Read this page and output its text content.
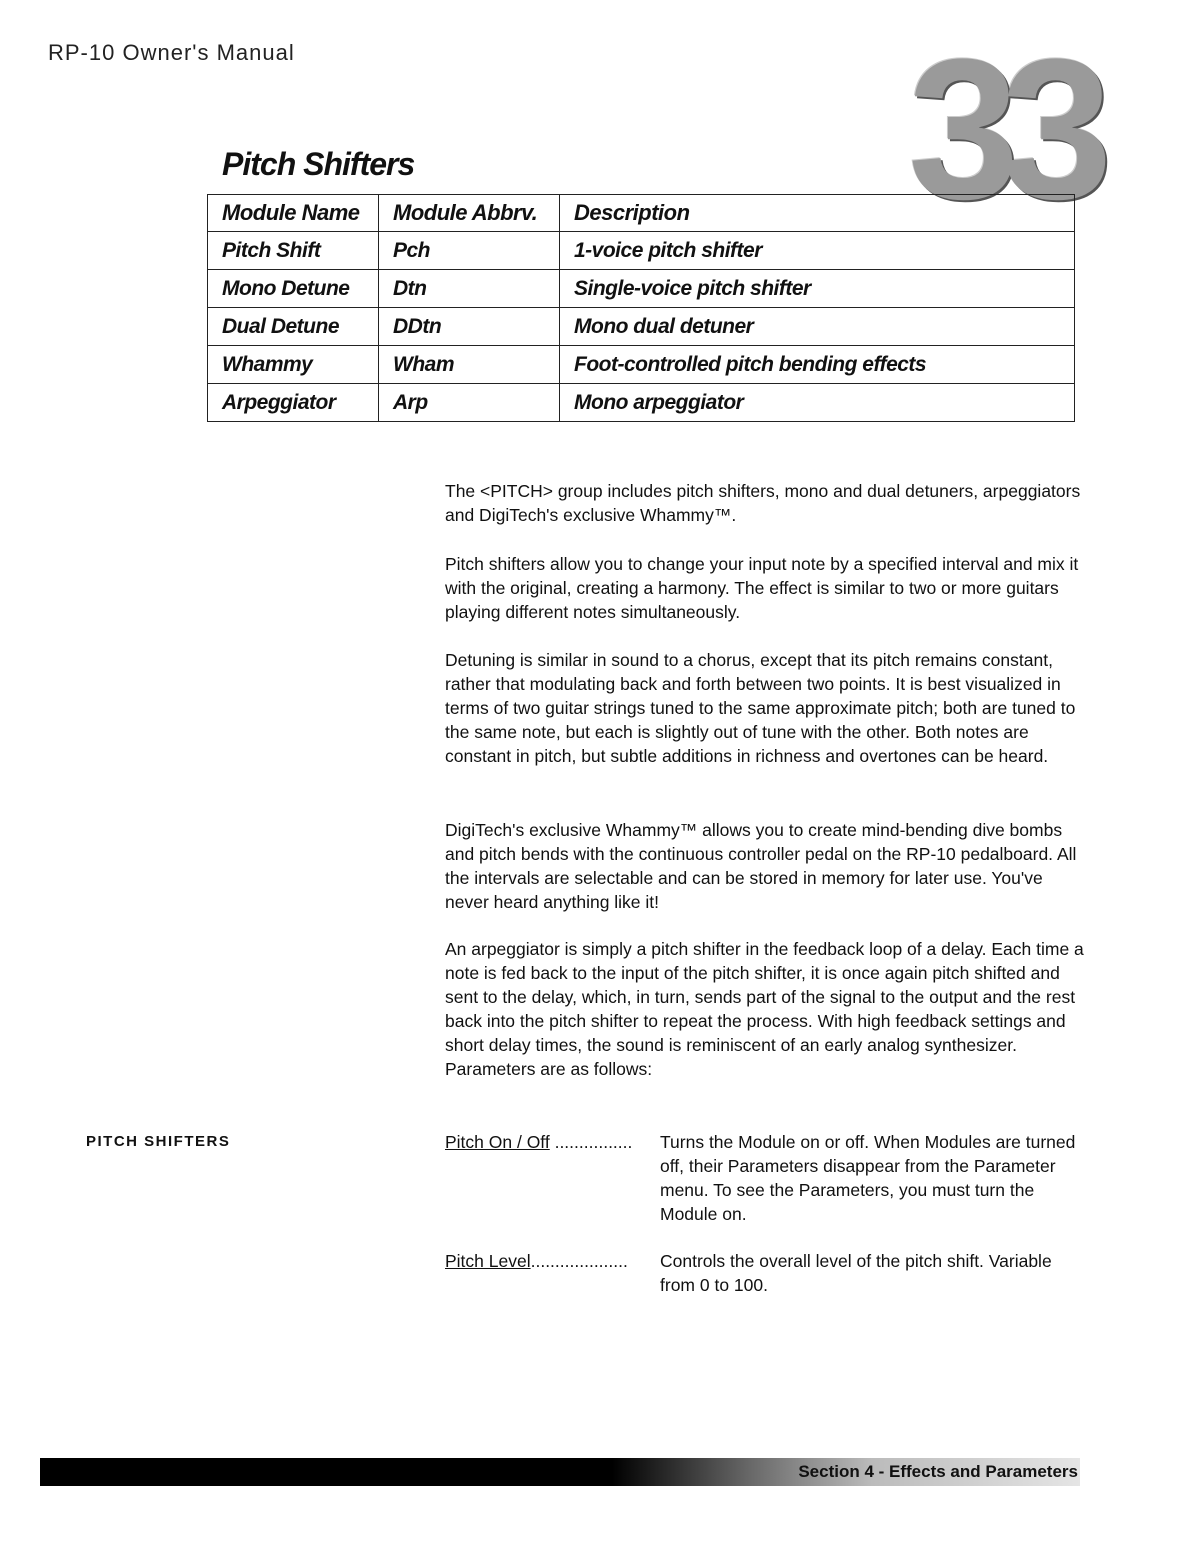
RP-10 Owner's Manual	33
Pitch Shifters
Module Name	Module Abbrv.	Description
Pitch Shift	Pch	1-voice pitch shifter
Mono Detune	Dtn	Single-voice pitch shifter
Dual Detune	DDtn	Mono dual detuner
Whammy	Wham	Foot-controlled pitch bending effects
Arpeggiator	Arp	Mono arpeggiator

The <PITCH> group includes pitch shifters, mono and dual detuners, arpeggiators and DigiTech's exclusive Whammy™.

Pitch shifters allow you to change your input note by a specified interval and mix it with the original, creating a harmony. The effect is similar to two or more guitars playing different notes simultaneously.

Detuning is similar in sound to a chorus, except that its pitch remains constant, rather that modulating back and forth between two points. It is best visualized in terms of two guitar strings tuned to the same approximate pitch; both are tuned to the same note, but each is slightly out of tune with the other. Both notes are constant in pitch, but subtle additions in richness and overtones can be heard.

DigiTech's exclusive Whammy™ allows you to create mind-bending dive bombs and pitch bends with the continuous controller pedal on the RP-10 pedalboard. All the intervals are selectable and can be stored in memory for later use. You've never heard anything like it!

An arpeggiator is simply a pitch shifter in the feedback loop of a delay. Each time a note is fed back to the input of the pitch shifter, it is once again pitch shifted and sent to the delay, which, in turn, sends part of the signal to the output and the rest back into the pitch shifter to repeat the process. With high feedback settings and short delay times, the sound is reminiscent of an early analog synthesizer. Parameters are as follows:

PITCH SHIFTERS	Pitch On / Off ................	Turns the Module on or off. When Modules are turned off, their Parameters disappear from the Parameter menu. To see the Parameters, you must turn the Module on.
Pitch Level....................	Controls the overall level of the pitch shift. Variable from 0 to 100.
Section 4 - Effects and Parameters
